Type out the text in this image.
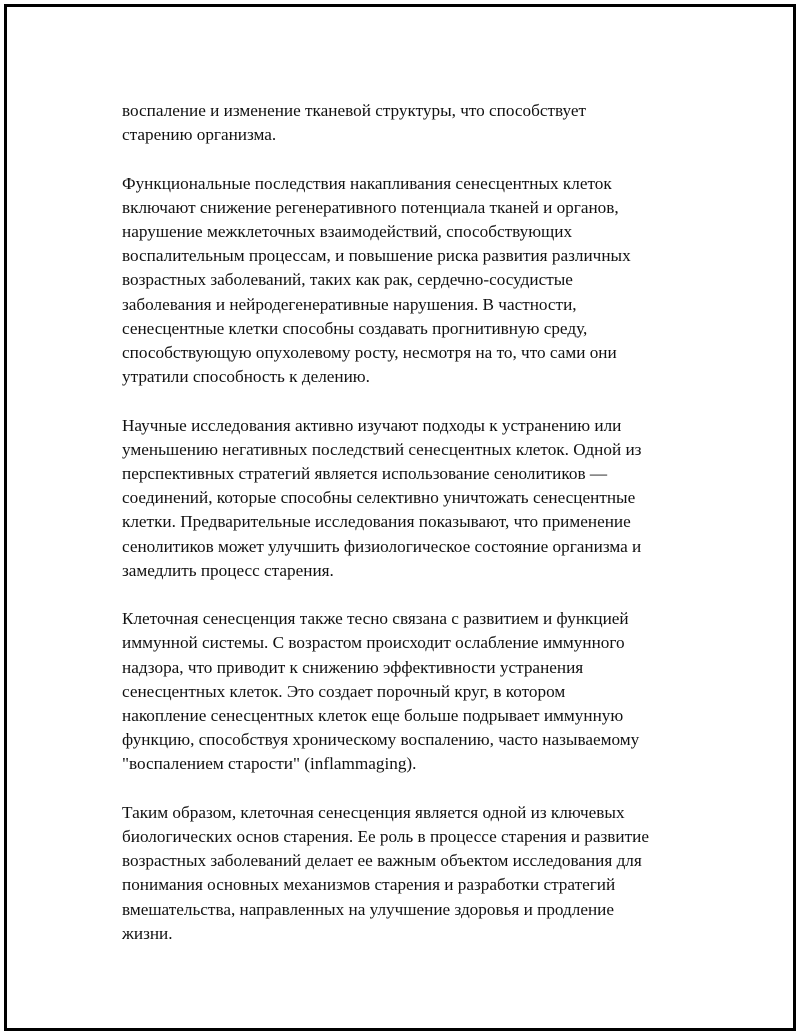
воспаление и изменение тканевой структуры, что способствует
старению организма.

Функциональные последствия накапливания сенесцентных клеток
включают снижение регенеративного потенциала тканей и органов,
нарушение межклеточных взаимодействий, способствующих
воспалительным процессам, и повышение риска развития различных
возрастных заболеваний, таких как рак, сердечно-сосудистые
заболевания и нейродегенеративные нарушения. В частности,
сенесцентные клетки способны создавать прогнитивную среду,
способствующую опухолевому росту, несмотря на то, что сами они
утратили способность к делению.

Научные исследования активно изучают подходы к устранению или
уменьшению негативных последствий сенесцентных клеток. Одной из
перспективных стратегий является использование сенолитиков —
соединений, которые способны селективно уничтожать сенесцентные
клетки. Предварительные исследования показывают, что применение
сенолитиков может улучшить физиологическое состояние организма и
замедлить процесс старения.

Клеточная сенесценция также тесно связана с развитием и функцией
иммунной системы. С возрастом происходит ослабление иммунного
надзора, что приводит к снижению эффективности устранения
сенесцентных клеток. Это создает порочный круг, в котором
накопление сенесцентных клеток еще больше подрывает иммунную
функцию, способствуя хроническому воспалению, часто называемому
"воспалением старости" (inflammaging).

Таким образом, клеточная сенесценция является одной из ключевых
биологических основ старения. Ее роль в процессе старения и развитие
возрастных заболеваний делает ее важным объектом исследования для
понимания основных механизмов старения и разработки стратегий
вмешательства, направленных на улучшение здоровья и продление
жизни.
